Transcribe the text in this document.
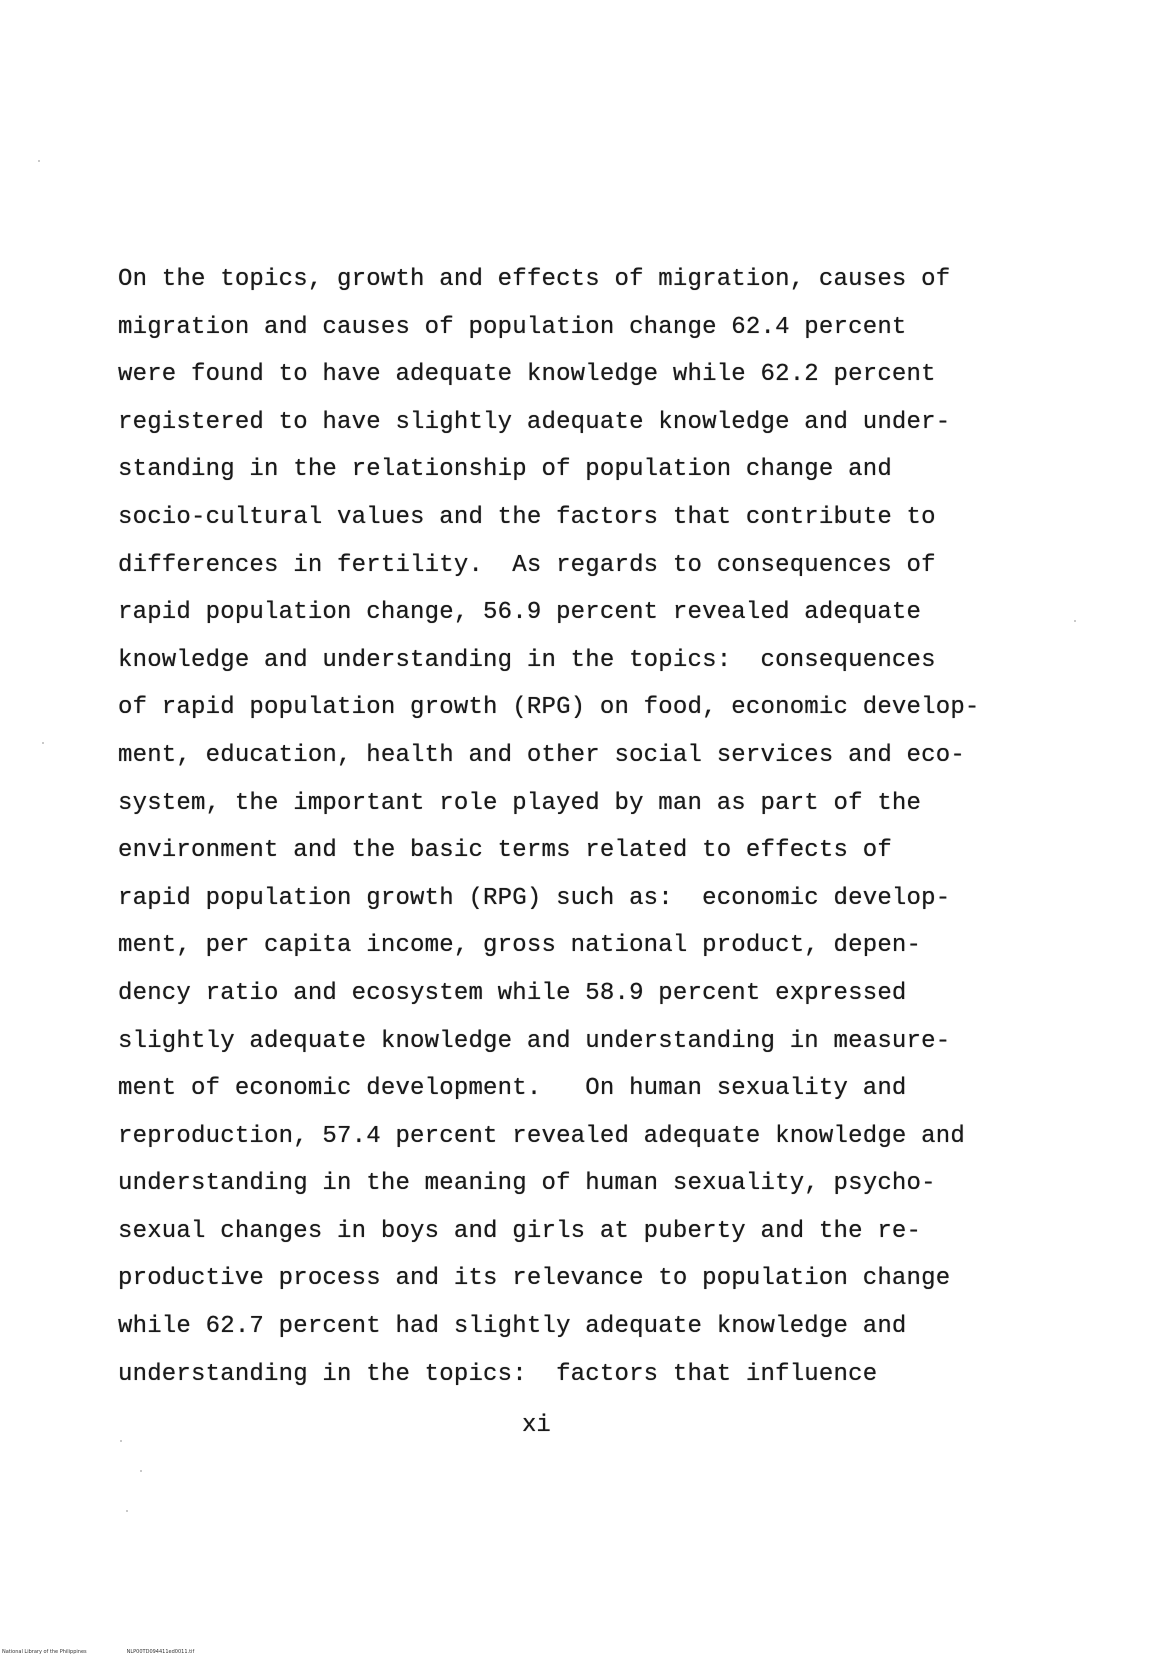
On the topics, growth and effects of migration, causes of
migration and causes of population change 62.4 percent
were found to have adequate knowledge while 62.2 percent
registered to have slightly adequate knowledge and under-
standing in the relationship of population change and
socio-cultural values and the factors that contribute to
differences in fertility.  As regards to consequences of
rapid population change, 56.9 percent revealed adequate
knowledge and understanding in the topics:  consequences
of rapid population growth (RPG) on food, economic develop-
ment, education, health and other social services and eco-
system, the important role played by man as part of the
environment and the basic terms related to effects of
rapid population growth (RPG) such as:  economic develop-
ment, per capita income, gross national product, depen-
dency ratio and ecosystem while 58.9 percent expressed
slightly adequate knowledge and understanding in measure-
ment of economic development.   On human sexuality and
reproduction, 57.4 percent revealed adequate knowledge and
understanding in the meaning of human sexuality, psycho-
sexual changes in boys and girls at puberty and the re-
productive process and its relevance to population change
while 62.7 percent had slightly adequate knowledge and
understanding in the topics:  factors that influence
xi
National Library of the Philippines	NLP00TD094411ed0011.tif
